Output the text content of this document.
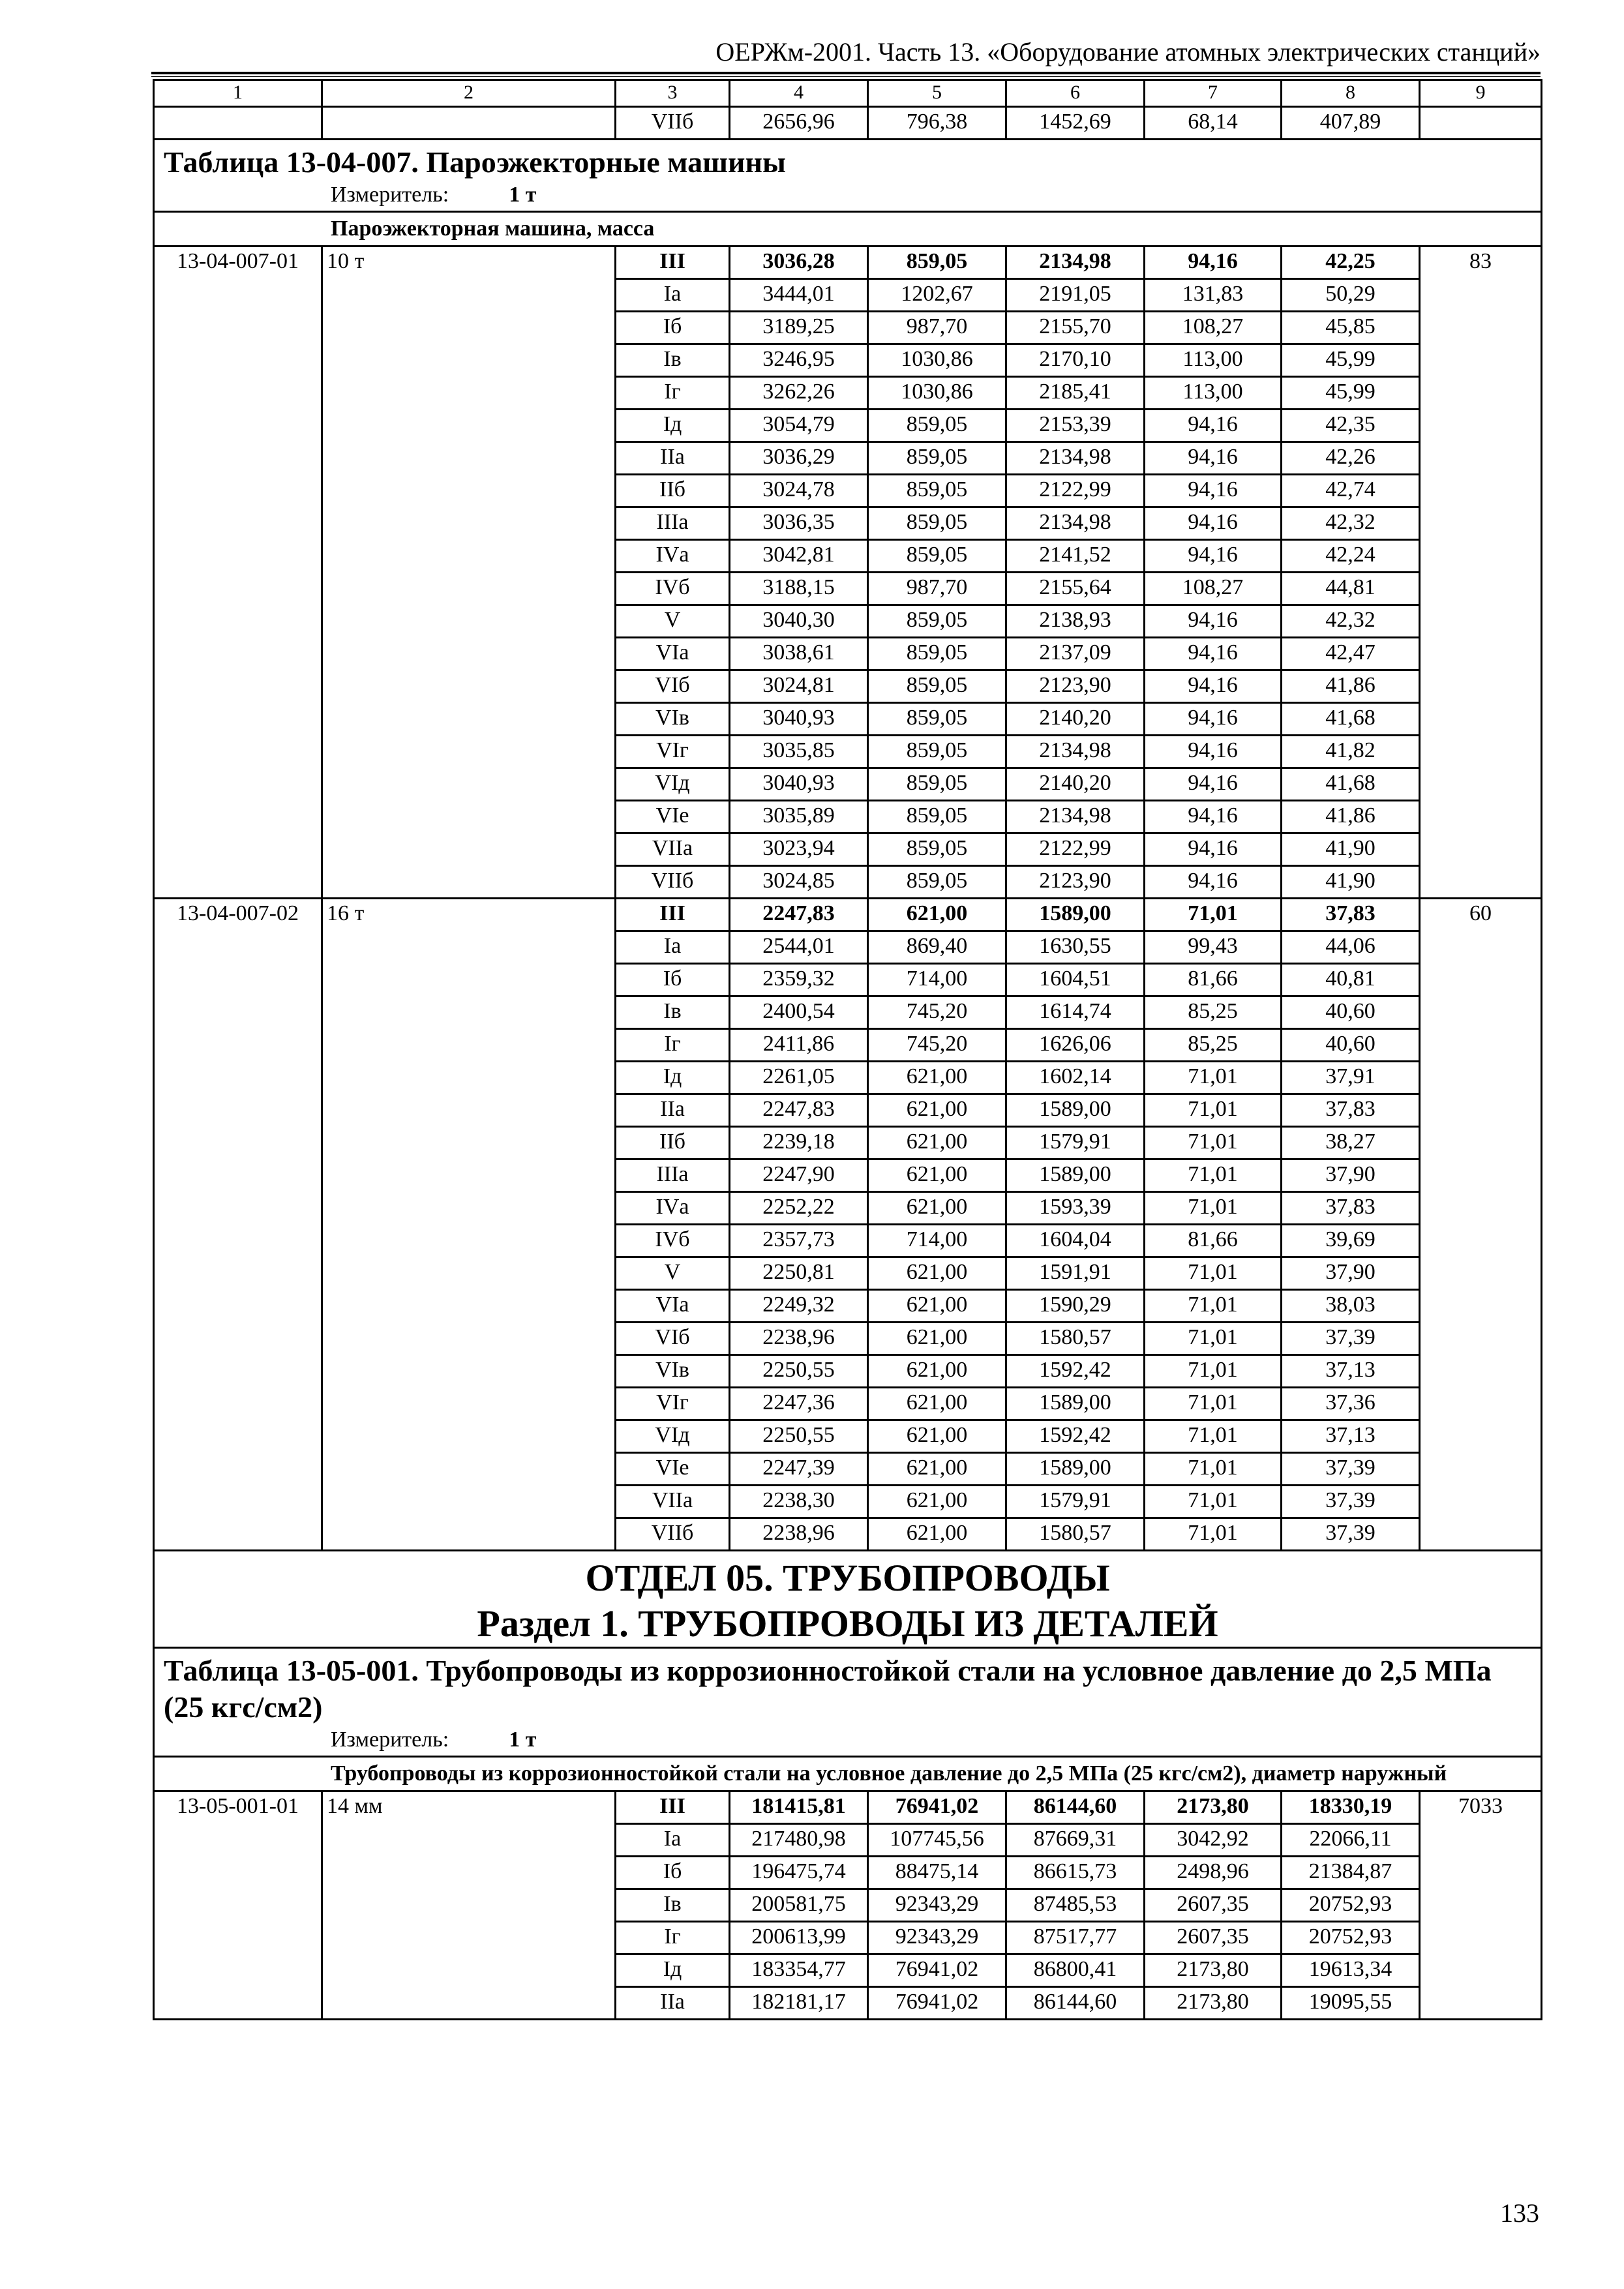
ОЕРЖм-2001. Часть 13. «Оборудование атомных электрических станций»
1	2	3	4	5	6	7	8	9
		VIIб	2656,96	796,38	1452,69	68,14	407,89	

Таблица 13-04-007. Пароэжекторные машины
Измеритель: 1 т								

Пароэжекторная машина, масса								

13-04-007-01	10 т	III	3036,28	859,05	2134,98	94,16	42,25	83
		Iа	3444,01	1202,67	2191,05	131,83	50,29	
		Iб	3189,25	987,70	2155,70	108,27	45,85	
		Iв	3246,95	1030,86	2170,10	113,00	45,99	
		Iг	3262,26	1030,86	2185,41	113,00	45,99	
		Iд	3054,79	859,05	2153,39	94,16	42,35	
		IIа	3036,29	859,05	2134,98	94,16	42,26	
		IIб	3024,78	859,05	2122,99	94,16	42,74	
		IIIа	3036,35	859,05	2134,98	94,16	42,32	
		IVа	3042,81	859,05	2141,52	94,16	42,24	
		IVб	3188,15	987,70	2155,64	108,27	44,81	
		V	3040,30	859,05	2138,93	94,16	42,32	
		VIа	3038,61	859,05	2137,09	94,16	42,47	
		VIб	3024,81	859,05	2123,90	94,16	41,86	
		VIв	3040,93	859,05	2140,20	94,16	41,68	
		VIг	3035,85	859,05	2134,98	94,16	41,82	
		VIд	3040,93	859,05	2140,20	94,16	41,68	
		VIе	3035,89	859,05	2134,98	94,16	41,86	
		VIIа	3023,94	859,05	2122,99	94,16	41,90	
		VIIб	3024,85	859,05	2123,90	94,16	41,90	
13-04-007-02	16 т	III	2247,83	621,00	1589,00	71,01	37,83	60
		Iа	2544,01	869,40	1630,55	99,43	44,06	
		Iб	2359,32	714,00	1604,51	81,66	40,81	
		Iв	2400,54	745,20	1614,74	85,25	40,60	
		Iг	2411,86	745,20	1626,06	85,25	40,60	
		Iд	2261,05	621,00	1602,14	71,01	37,91	
		IIа	2247,83	621,00	1589,00	71,01	37,83	
		IIб	2239,18	621,00	1579,91	71,01	38,27	
		IIIа	2247,90	621,00	1589,00	71,01	37,90	
		IVа	2252,22	621,00	1593,39	71,01	37,83	
		IVб	2357,73	714,00	1604,04	81,66	39,69	
		V	2250,81	621,00	1591,91	71,01	37,90	
		VIа	2249,32	621,00	1590,29	71,01	38,03	
		VIб	2238,96	621,00	1580,57	71,01	37,39	
		VIв	2250,55	621,00	1592,42	71,01	37,13	
		VIг	2247,36	621,00	1589,00	71,01	37,36	
		VIд	2250,55	621,00	1592,42	71,01	37,13	
		VIе	2247,39	621,00	1589,00	71,01	37,39	
		VIIа	2238,30	621,00	1579,91	71,01	37,39	
		VIIб	2238,96	621,00	1580,57	71,01	37,39	

ОТДЕЛ 05. ТРУБОПРОВОДЫ
Раздел 1. ТРУБОПРОВОДЫ ИЗ ДЕТАЛЕЙ								

Таблица 13-05-001. Трубопроводы из коррозионностойкой стали на условное давление до 2,5 МПа (25 кгс/см2)
Измеритель: 1 т								

Трубопроводы из коррозионностойкой стали на условное давление до 2,5 МПа (25 кгс/см2), диаметр наружный								

13-05-001-01	14 мм	III	181415,81	76941,02	86144,60	2173,80	18330,19	7033
		Iа	217480,98	107745,56	87669,31	3042,92	22066,11	
		Iб	196475,74	88475,14	86615,73	2498,96	21384,87	
		Iв	200581,75	92343,29	87485,53	2607,35	20752,93	
		Iг	200613,99	92343,29	87517,77	2607,35	20752,93	
		Iд	183354,77	76941,02	86800,41	2173,80	19613,34	
		IIа	182181,17	76941,02	86144,60	2173,80	19095,55	
133
